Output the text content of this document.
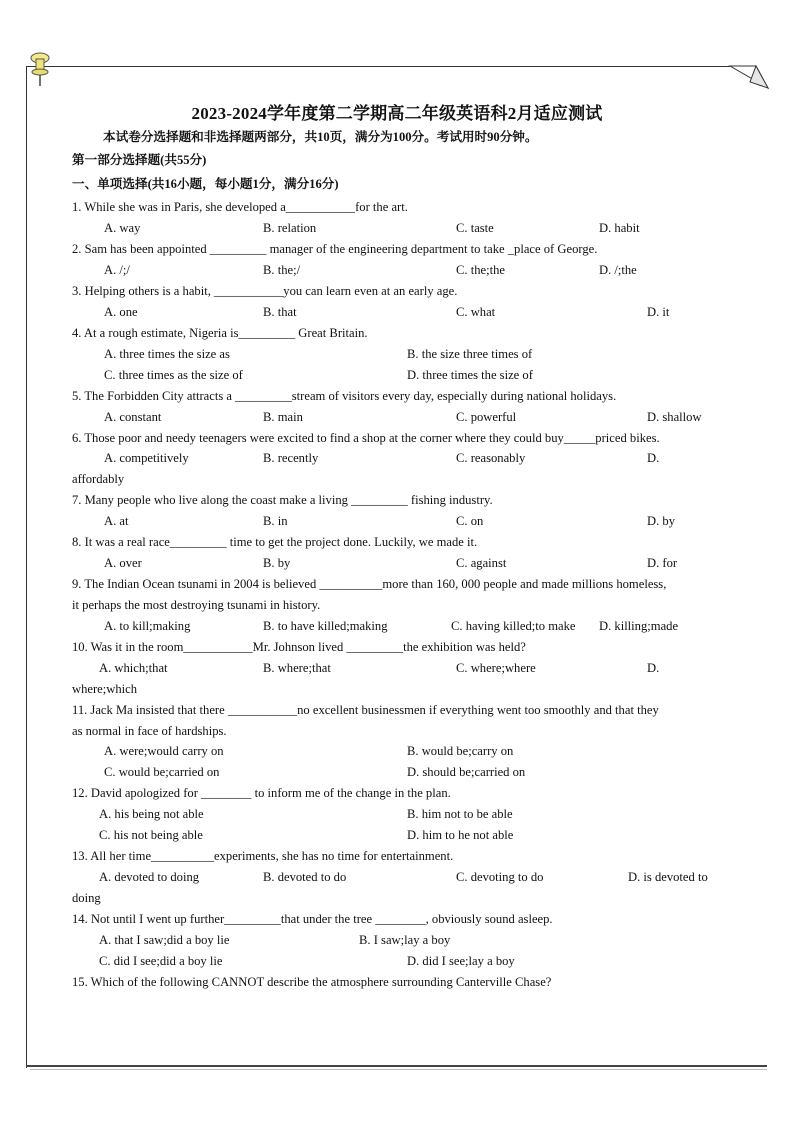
2023-2024学年度第二学期高二年级英语科2月适应测试
本试卷分选择题和非选择题两部分，共10页，满分为100分。考试用时90分钟。
第一部分选择题(共55分)
一、单项选择(共16小题，每小题1分，满分16分)
1. While she was in Paris, she developed a___________for the art.
A. way	B. relation	C. taste	D. habit
2. Sam has been appointed _________ manager of the engineering department to take _place of George.
A. /;/	B. the;/	C. the;the	D. /;the
3. Helping others is a habit, ___________you can learn even at an early age.
A. one	B. that	C. what	D. it
4. At a rough estimate, Nigeria is_________ Great Britain.
A. three times the size as	B. the size three times of
C. three times as the size of	D. three times the size of
5. The Forbidden City attracts a _________stream of visitors every day, especially during national holidays.
A. constant	B. main	C. powerful	D. shallow
6. Those poor and needy teenagers were excited to find a shop at the corner where they could buy_____priced bikes.
A. competitively	B. recently	C. reasonably	D.
affordably
7. Many people who live along the coast make a living _________ fishing industry.
A. at	B. in	C. on	D. by
8. It was a real race_________ time to get the project done. Luckily, we made it.
A. over	B. by	C. against	D. for
9. The Indian Ocean tsunami in 2004 is believed __________more than 160, 000 people and made millions homeless,
it perhaps the most destroying tsunami in history.
A. to kill;making	B. to have killed;making	C. having killed;to make D. killing;made
10. Was it in the room___________Mr. Johnson lived _________the exhibition was held?
A. which;that	B. where;that	C. where;where	D.
where;which
11. Jack Ma insisted that there ___________no excellent businessmen if everything went too smoothly and that they
as normal in face of hardships.
A. were;would carry on	B. would be;carry on
C. would be;carried on	D. should be;carried on
12. David apologized for ________ to inform me of the change in the plan.
A. his being not able	B. him not to be able
C. his not being able	D. him to he not able
13. All her time__________experiments, she has no time for entertainment.
A. devoted to doing	B. devoted to do	C. devoting to do	D. is devoted to
doing
14. Not until I went up further_________that under the tree ________, obviously sound asleep.
A. that I saw;did a boy lie	B. I saw;lay a boy
C. did I see;did a boy lie	D. did I see;lay a boy
15. Which of the following CANNOT describe the atmosphere surrounding Canterville Chase?
